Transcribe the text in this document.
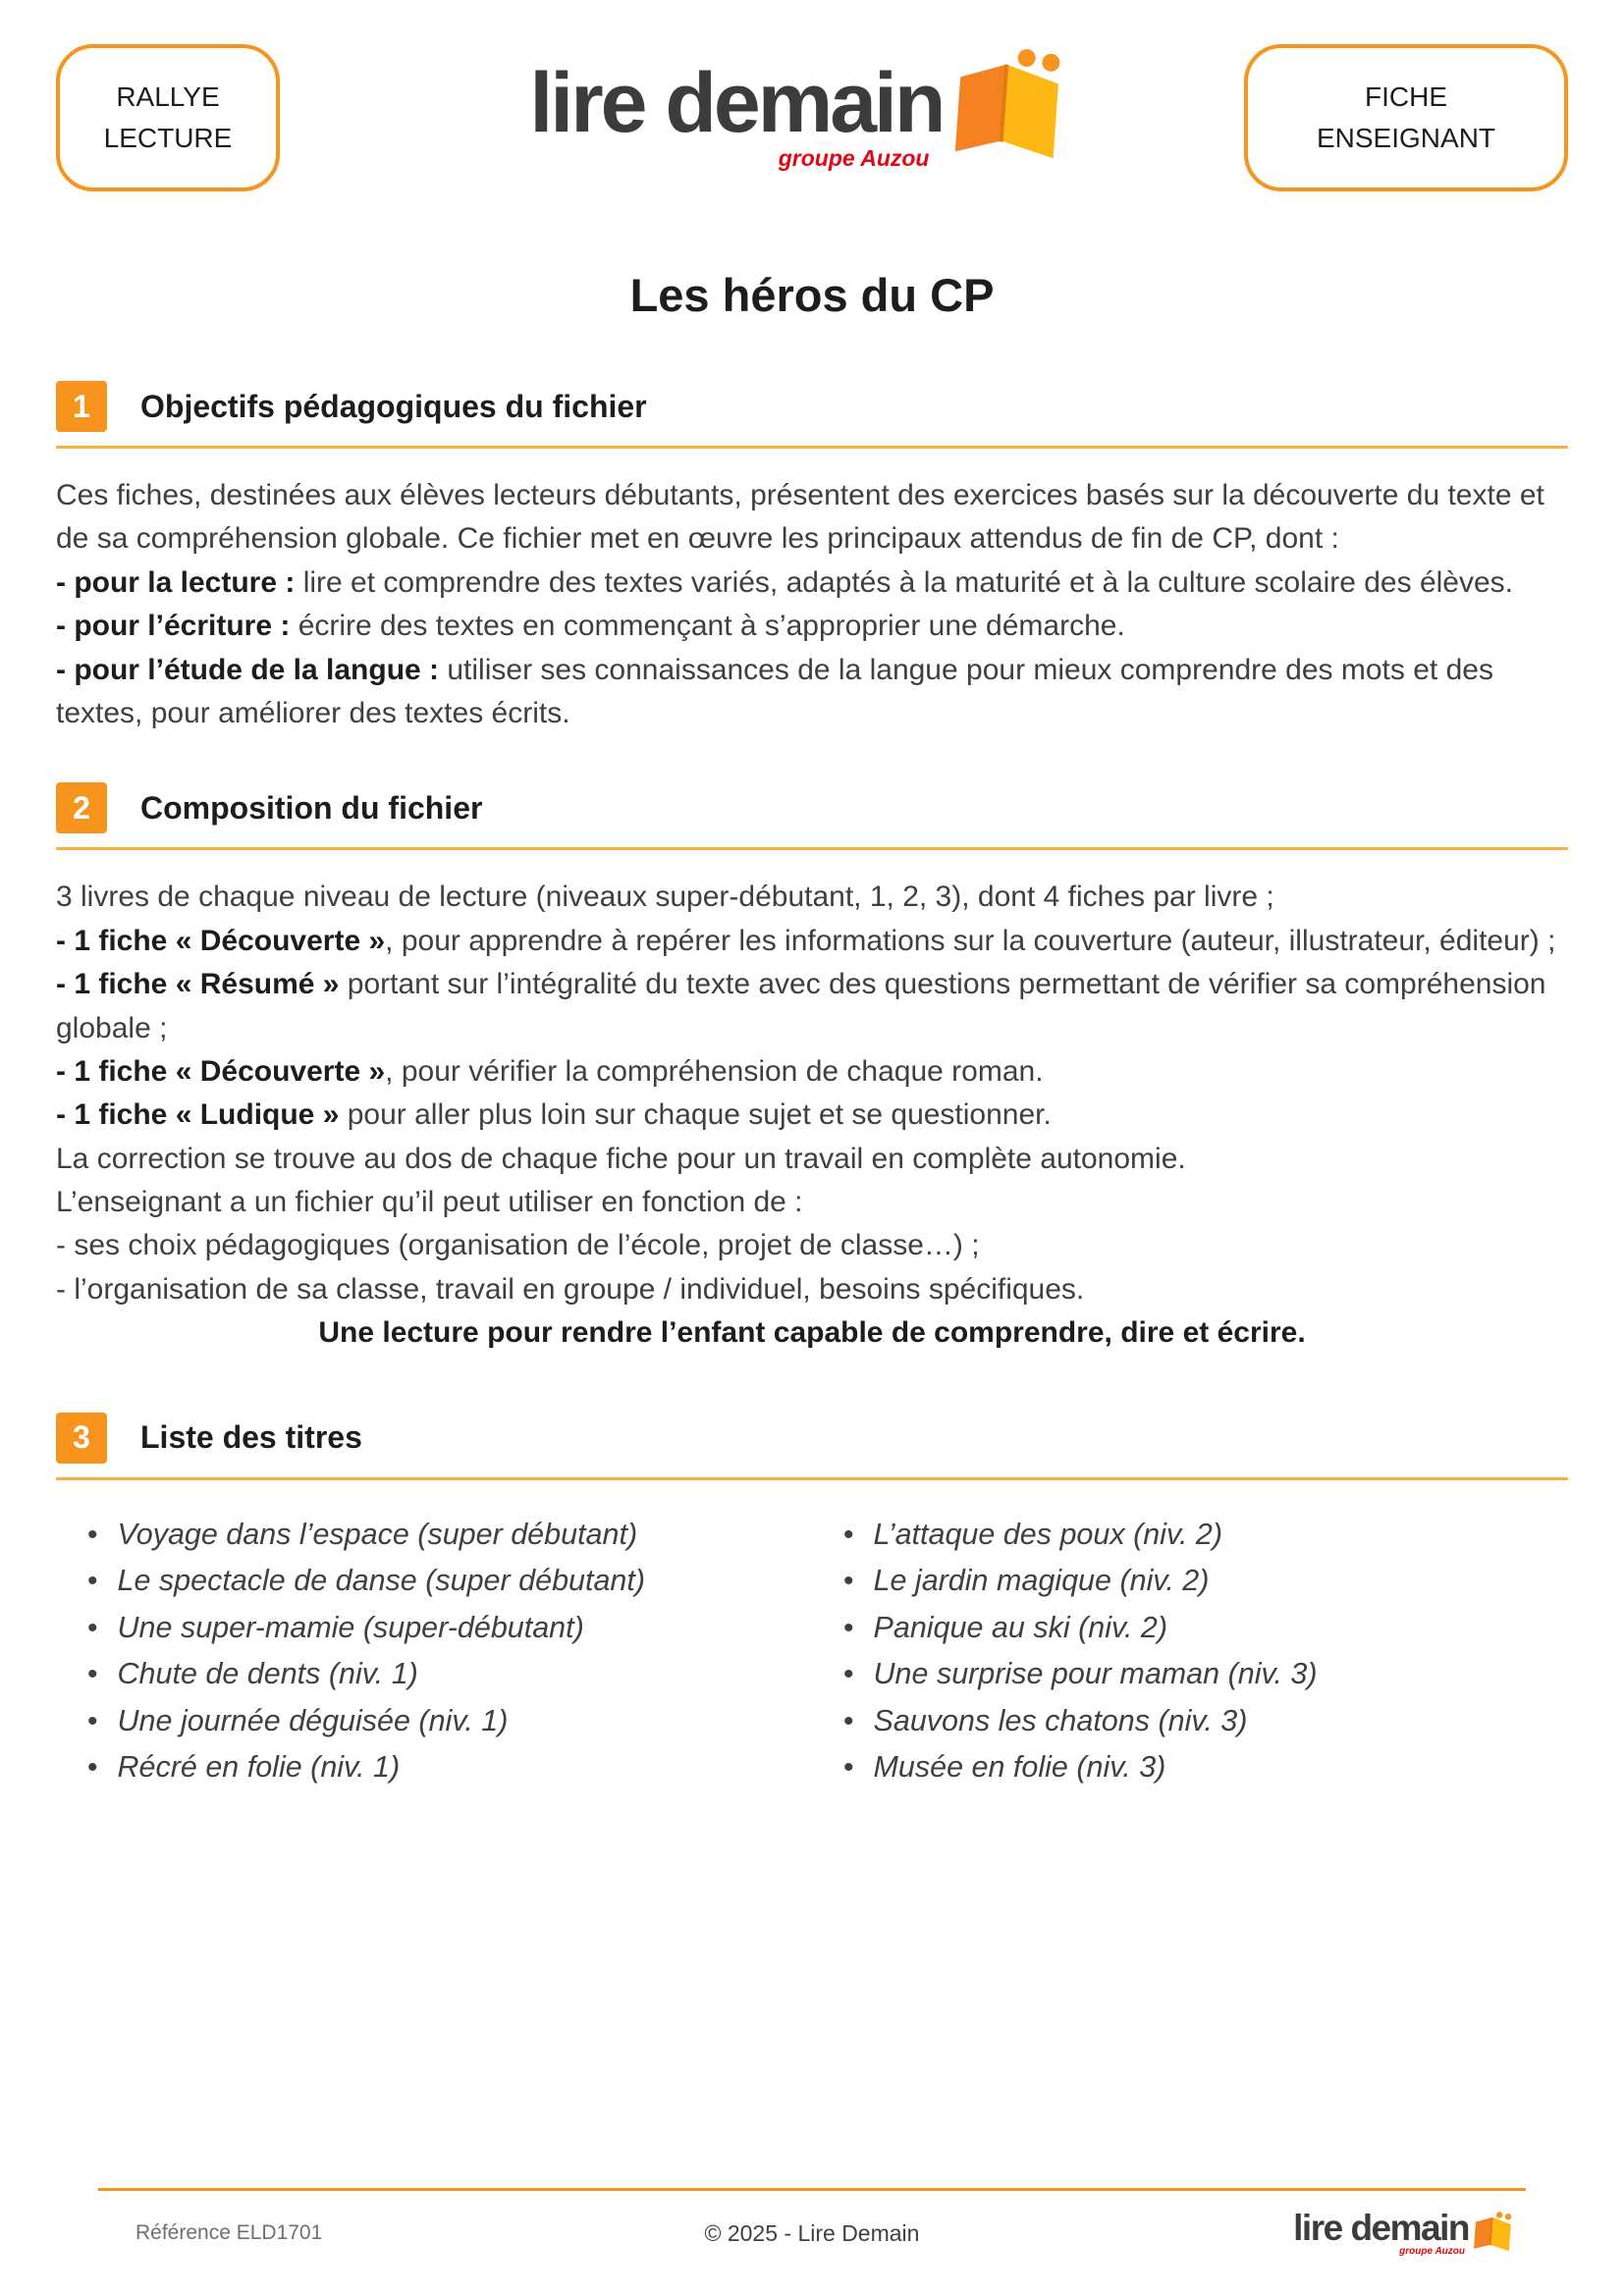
RALLYE
LECTURE	lire demain
groupe Auzou
FICHE
ENSEIGNANT
Les héros du CP
1	Objectifs pédagogiques du fichier

Ces fiches, destinées aux élèves lecteurs débutants, présentent des exercices basés sur la découverte du texte et de sa compréhension globale. Ce fichier met en œuvre les principaux attendus de fin de CP, dont :

- pour la lecture : lire et comprendre des textes variés, adaptés à la maturité et à la culture scolaire des élèves.

- pour l’écriture : écrire des textes en commençant à s’approprier une démarche.

- pour l’étude de la langue : utiliser ses connaissances de la langue pour mieux comprendre des mots et des textes, pour améliorer des textes écrits.

2	Composition du fichier

3 livres de chaque niveau de lecture (niveaux super-débutant, 1, 2, 3), dont 4 fiches par livre ;

- 1 fiche « Découverte », pour apprendre à repérer les informations sur la couverture (auteur, illustrateur, éditeur) ;

- 1 fiche « Résumé » portant sur l’intégralité du texte avec des questions permettant de vérifier sa compréhension globale ;

- 1 fiche « Découverte », pour vérifier la compréhension de chaque roman.

- 1 fiche « Ludique » pour aller plus loin sur chaque sujet et se questionner.

La correction se trouve au dos de chaque fiche pour un travail en complète autonomie.

L’enseignant a un fichier qu’il peut utiliser en fonction de :

- ses choix pédagogiques (organisation de l’école, projet de classe…) ;

- l’organisation de sa classe, travail en groupe / individuel, besoins spécifiques.

Une lecture pour rendre l’enfant capable de comprendre, dire et écrire.

3	Liste des titres
• Voyage dans l’espace (super débutant)
• Le spectacle de danse (super débutant)
• Une super-mamie (super-débutant)
• Chute de dents (niv. 1)
• Une journée déguisée (niv. 1)
• Récré en folie (niv. 1)
• L’attaque des poux (niv. 2)
• Le jardin magique (niv. 2)
• Panique au ski (niv. 2)
• Une surprise pour maman (niv. 3)
• Sauvons les chatons (niv. 3)
• Musée en folie (niv. 3)
Référence ELD1701	© 2025 - Lire Demain	lire demain
groupe Auzou
